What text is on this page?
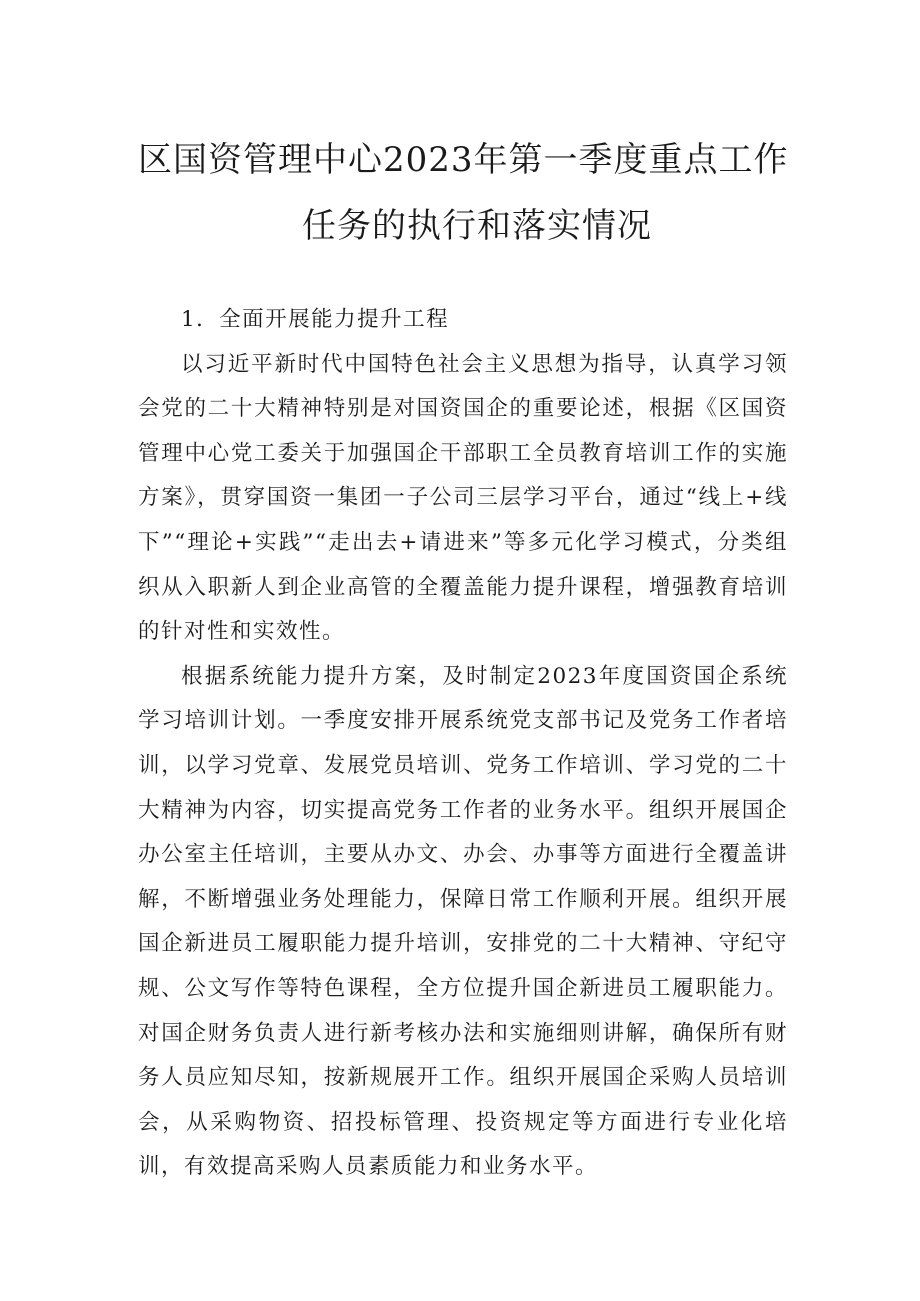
区国资管理中心2023年第一季度重点工作
任务的执行和落实情况

1．全面开展能力提升工程

以习近平新时代中国特色社会主义思想为指导，认真学习领会党的二十大精神特别是对国资国企的重要论述，根据《区国资管理中心党工委关于加强国企干部职工全员教育培训工作的实施方案》，贯穿国资一集团一子公司三层学习平台，通过“线上+线下”“理论+实践”“走出去+请进来”等多元化学习模式，分类组织从入职新人到企业高管的全覆盖能力提升课程，增强教育培训的针对性和实效性。

根据系统能力提升方案，及时制定2023年度国资国企系统学习培训计划。一季度安排开展系统党支部书记及党务工作者培训，以学习党章、发展党员培训、党务工作培训、学习党的二十大精神为内容，切实提高党务工作者的业务水平。组织开展国企办公室主任培训，主要从办文、办会、办事等方面进行全覆盖讲解，不断增强业务处理能力，保障日常工作顺利开展。组织开展国企新进员工履职能力提升培训，安排党的二十大精神、守纪守规、公文写作等特色课程，全方位提升国企新进员工履职能力。对国企财务负责人进行新考核办法和实施细则讲解，确保所有财务人员应知尽知，按新规展开工作。组织开展国企采购人员培训会，从采购物资、招投标管理、投资规定等方面进行专业化培训，有效提高采购人员素质能力和业务水平。
